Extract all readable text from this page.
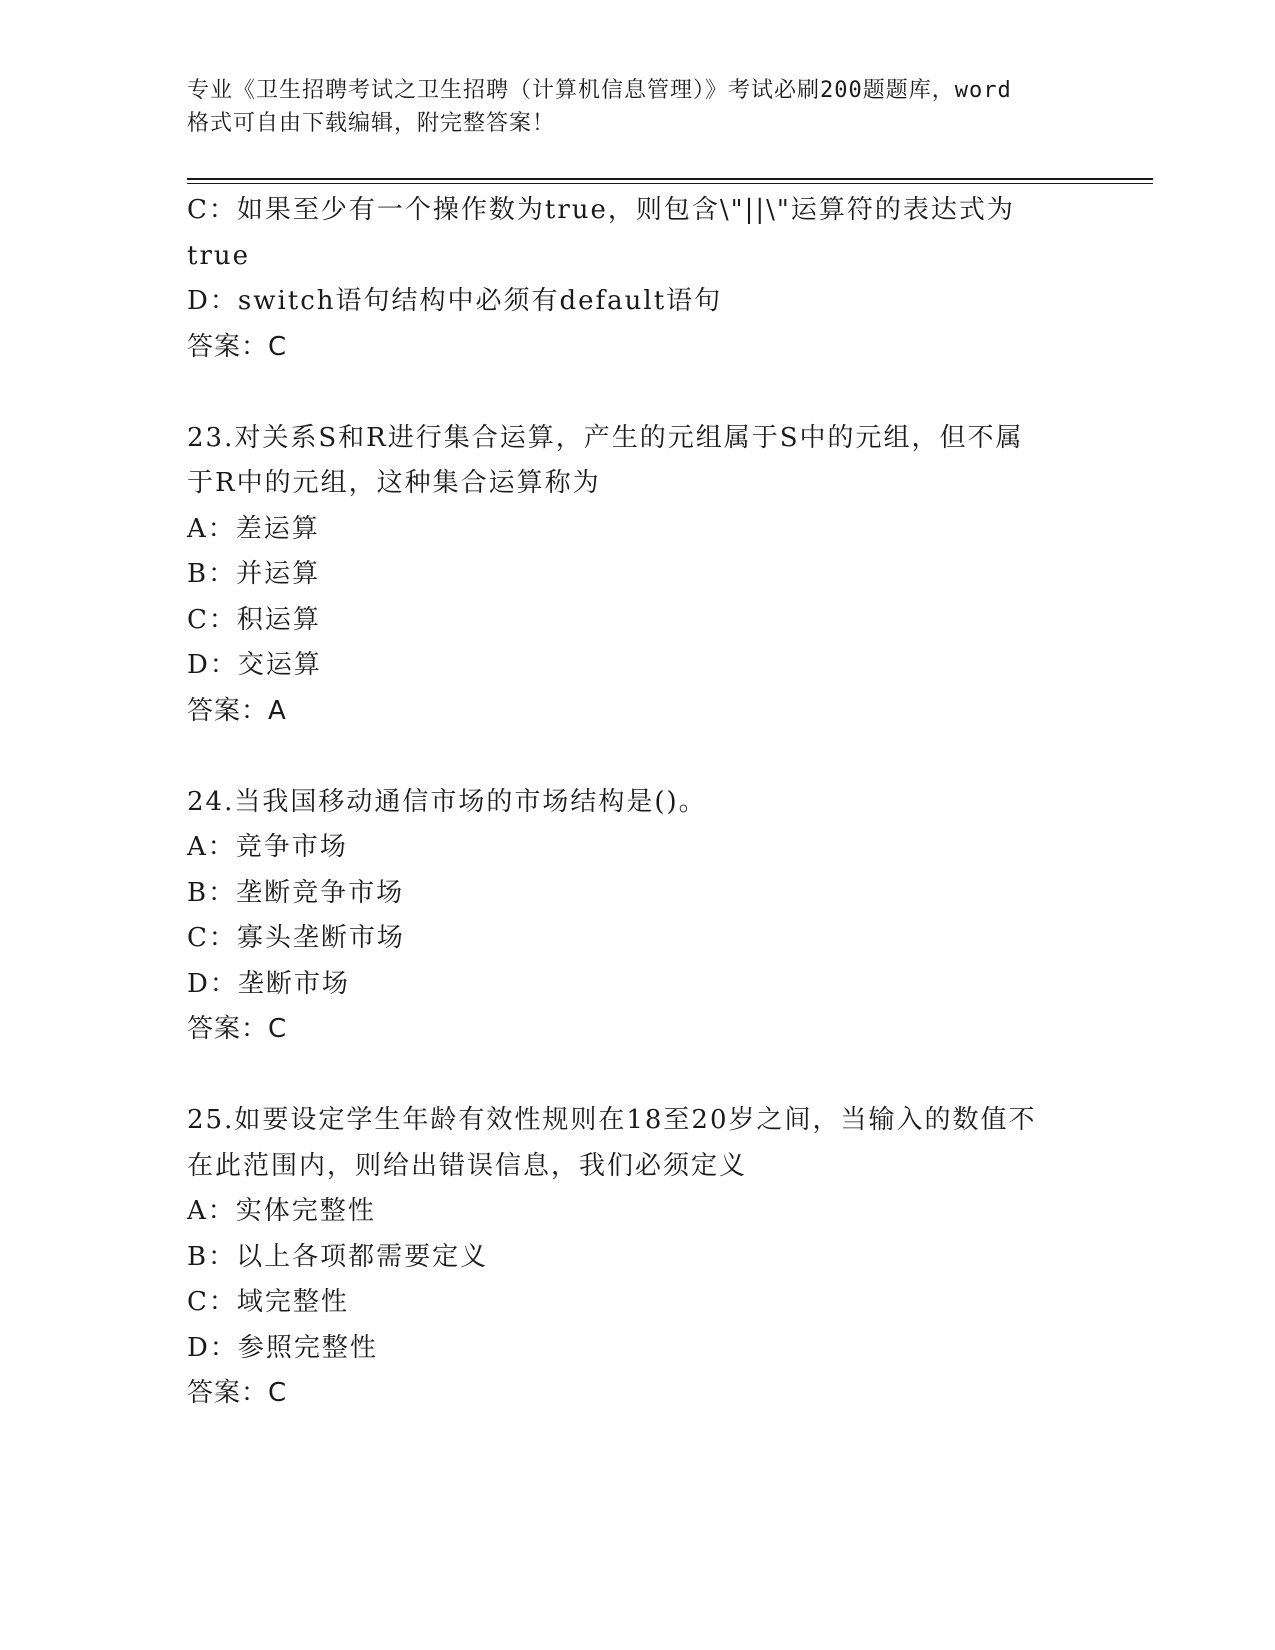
专业《卫生招聘考试之卫生招聘（计算机信息管理）》考试必刷200题题库，word
格式可自由下载编辑，附完整答案！
C：如果至少有一个操作数为true，则包含\"||\"运算符的表达式为
true
D：switch语句结构中必须有default语句
答案：C
23.对关系S和R进行集合运算，产生的元组属于S中的元组，但不属
于R中的元组，这种集合运算称为
A：差运算
B：并运算
C：积运算
D：交运算
答案：A
24.当我国移动通信市场的市场结构是()。
A：竞争市场
B：垄断竞争市场
C：寡头垄断市场
D：垄断市场
答案：C
25.如要设定学生年龄有效性规则在18至20岁之间，当输入的数值不
在此范围内，则给出错误信息，我们必须定义
A：实体完整性
B：以上各项都需要定义
C：域完整性
D：参照完整性
答案：C
